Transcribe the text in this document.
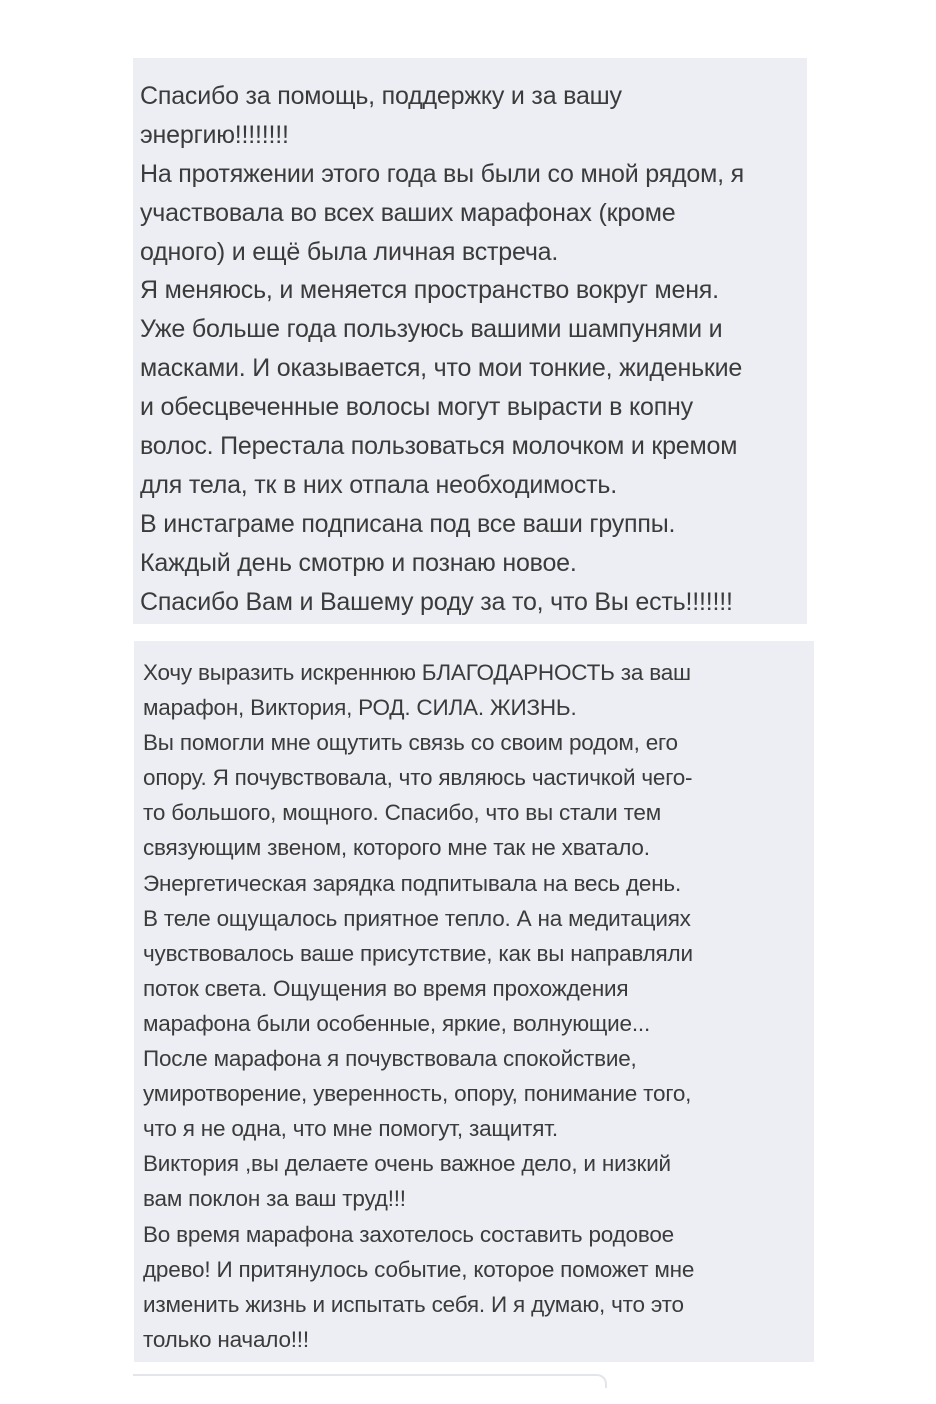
Спасибо за помощь, поддержку и за вашу
энергию!!!!!!!!
На протяжении этого года вы были со мной рядом, я
участвовала во всех ваших марафонах (кроме
одного) и ещё была личная встреча.
Я меняюсь, и меняется пространство вокруг меня.
Уже больше года пользуюсь вашими шампунями и
масками. И оказывается, что мои тонкие, жиденькие
и обесцвеченные волосы могут вырасти в копну
волос. Перестала пользоваться молочком и кремом
для тела, тк в них отпала необходимость.
В инстаграме подписана под все ваши группы.
Каждый день смотрю и познаю новое.
Спасибо Вам и Вашему роду за то, что Вы есть!!!!!!!
Хочу выразить искреннюю БЛАГОДАРНОСТЬ за ваш
марафон, Виктория, РОД. СИЛА. ЖИЗНЬ.
Вы помогли мне ощутить связь со своим родом, его
опору. Я почувствовала, что являюсь частичкой чего-
то большого, мощного. Спасибо, что вы стали тем
связующим звеном, которого мне так не хватало.
Энергетическая зарядка подпитывала на весь день.
В теле ощущалось приятное тепло. А на медитациях
чувствовалось ваше присутствие, как вы направляли
поток света. Ощущения во время прохождения
марафона были особенные, яркие, волнующие...
После марафона я почувствовала спокойствие,
умиротворение, уверенность, опору, понимание того,
что я не одна, что мне помогут, защитят.
Виктория ,вы делаете очень важное дело, и низкий
вам поклон за ваш труд!!!
Во время марафона захотелось составить родовое
древо! И притянулось событие, которое поможет мне
изменить жизнь и испытать себя. И я думаю, что это
только начало!!!
